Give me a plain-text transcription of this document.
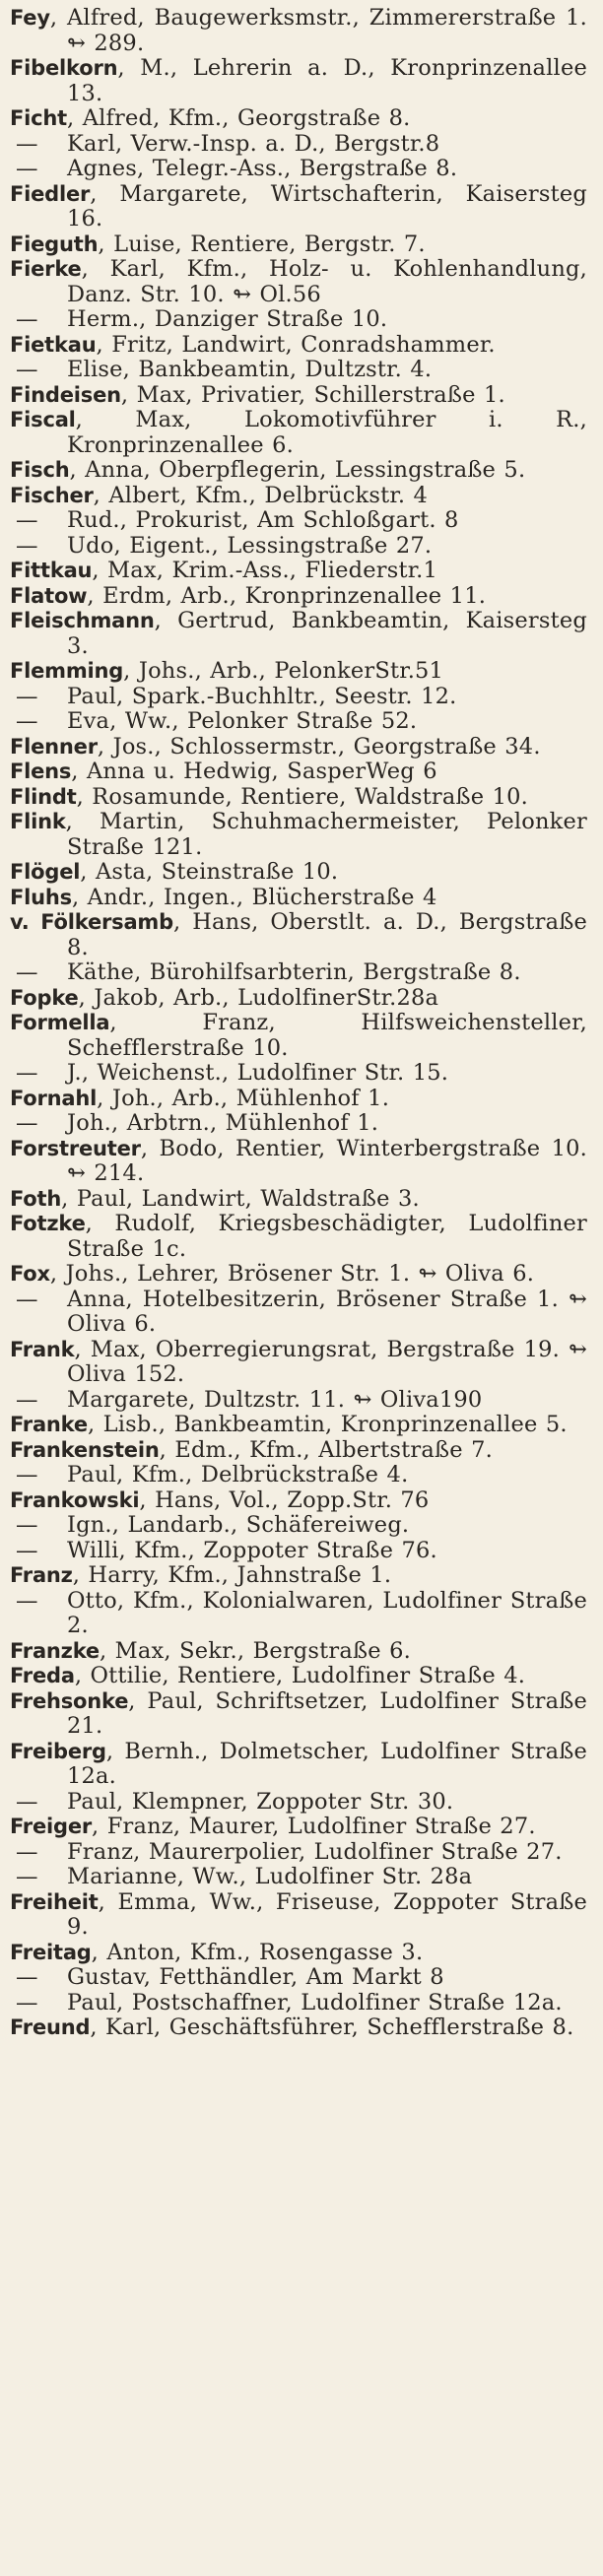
Fey, Alfred, Baugewerksmstr., Zimmererstraße 1. ↬ 289.
Fibelkorn, M., Lehrerin a. D., Kronprinzenallee 13.
Ficht, Alfred, Kfm., Georgstraße 8.
— Karl, Verw.-Insp. a. D., Bergstr.8
— Agnes, Telegr.-Ass., Bergstraße 8.
Fiedler, Margarete, Wirtschafterin, Kaisersteg 16.
Fieguth, Luise, Rentiere, Bergstr. 7.
Fierke, Karl, Kfm., Holz- u. Kohlenhandlung, Danz. Str. 10. ↬ Ol.56
— Herm., Danziger Straße 10.
Fietkau, Fritz, Landwirt, Conradshammer.
— Elise, Bankbeamtin, Dultzstr. 4.
Findeisen, Max, Privatier, Schillerstraße 1.
Fiscal, Max, Lokomotivführer i. R., Kronprinzenallee 6.
Fisch, Anna, Oberpflegerin, Lessingstraße 5.
Fischer, Albert, Kfm., Delbrückstr. 4
— Rud., Prokurist, Am Schloßgart. 8
— Udo, Eigent., Lessingstraße 27.
Fittkau, Max, Krim.-Ass., Fliederstr.1
Flatow, Erdm, Arb., Kronprinzenallee 11.
Fleischmann, Gertrud, Bankbeamtin, Kaisersteg 3.
Flemming, Johs., Arb., PelonkerStr.51
— Paul, Spark.-Buchhltr., Seestr. 12.
— Eva, Ww., Pelonker Straße 52.
Flenner, Jos., Schlossermstr., Georgstraße 34.
Flens, Anna u. Hedwig, SasperWeg 6
Flindt, Rosamunde, Rentiere, Waldstraße 10.
Flink, Martin, Schuhmachermeister, Pelonker Straße 121.
Flögel, Asta, Steinstraße 10.
Fluhs, Andr., Ingen., Blücherstraße 4
v. Fölkersamb, Hans, Oberstlt. a. D., Bergstraße 8.
— Käthe, Bürohilfsarbterin, Bergstraße 8.
Fopke, Jakob, Arb., LudolfinerStr.28a
Formella, Franz, Hilfsweichensteller, Schefflerstraße 10.
— J., Weichenst., Ludolfiner Str. 15.
Fornahl, Joh., Arb., Mühlenhof 1.
— Joh., Arbtrn., Mühlenhof 1.
Forstreuter, Bodo, Rentier, Winterbergstraße 10. ↬ 214.
Foth, Paul, Landwirt, Waldstraße 3.
Fotzke, Rudolf, Kriegsbeschädigter, Ludolfiner Straße 1c.
Fox, Johs., Lehrer, Brösener Str. 1. ↬ Oliva 6.
— Anna, Hotelbesitzerin, Brösener Straße 1. ↬ Oliva 6.
Frank, Max, Oberregierungsrat, Bergstraße 19. ↬ Oliva 152.
— Margarete, Dultzstr. 11. ↬ Oliva190
Franke, Lisb., Bankbeamtin, Kronprinzenallee 5.
Frankenstein, Edm., Kfm., Albertstraße 7.
— Paul, Kfm., Delbrückstraße 4.
Frankowski, Hans, Vol., Zopp.Str. 76
— Ign., Landarb., Schäfereiweg.
— Willi, Kfm., Zoppoter Straße 76.
Franz, Harry, Kfm., Jahnstraße 1.
— Otto, Kfm., Kolonialwaren, Ludolfiner Straße 2.
Franzke, Max, Sekr., Bergstraße 6.
Freda, Ottilie, Rentiere, Ludolfiner Straße 4.
Frehsonke, Paul, Schriftsetzer, Ludolfiner Straße 21.
Freiberg, Bernh., Dolmetscher, Ludolfiner Straße 12a.
— Paul, Klempner, Zoppoter Str. 30.
Freiger, Franz, Maurer, Ludolfiner Straße 27.
— Franz, Maurerpolier, Ludolfiner Straße 27.
— Marianne, Ww., Ludolfiner Str. 28a
Freiheit, Emma, Ww., Friseuse, Zoppoter Straße 9.
Freitag, Anton, Kfm., Rosengasse 3.
— Gustav, Fetthändler, Am Markt 8
— Paul, Postschaffner, Ludolfiner Straße 12a.
Freund, Karl, Geschäftsführer, Schefflerstraße 8.
